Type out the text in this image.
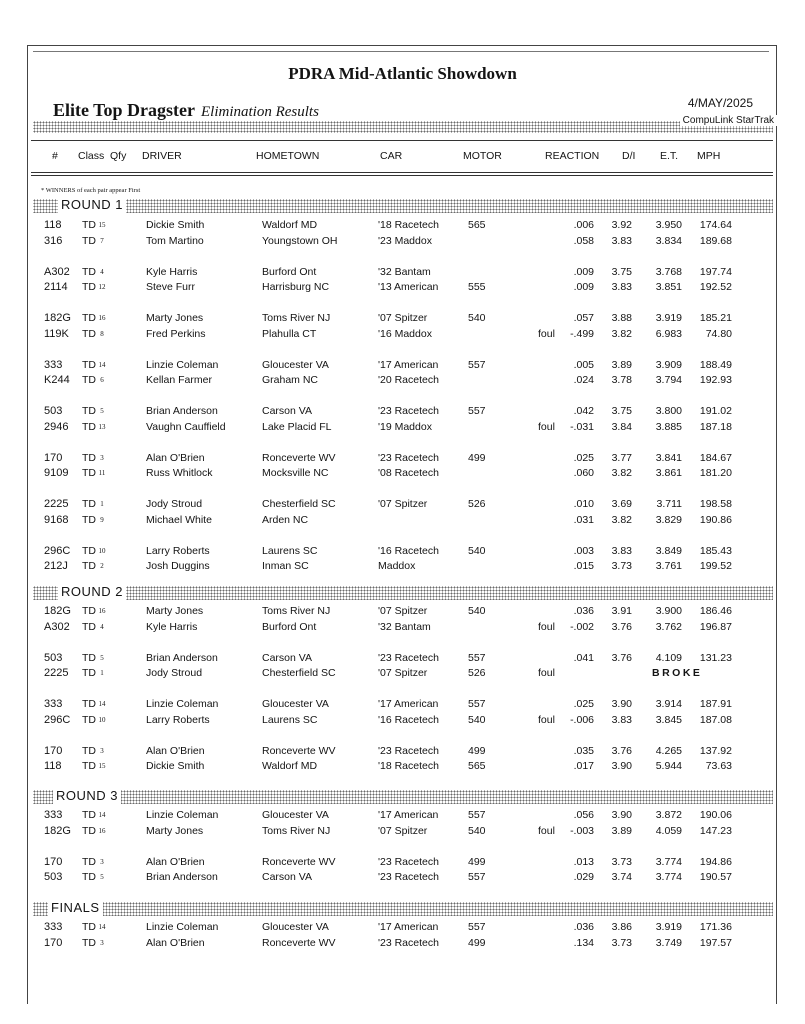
PDRA Mid-Atlantic Showdown
Elite Top Dragster Elimination Results
4/MAY/2025
CompuLink StarTrak
# Class Qfy DRIVER	HOMETOWN	CAR	MOTOR	REACTION D/I E.T. MPH
* WINNERS of each pair appear First
ROUND 1
118	TD 15	Dickie Smith	Waldorf MD	'18 Racetech	565	.006	3.92	3.950	174.64
316	TD 7	Tom Martino	Youngstown OH	'23 Maddox	.058	3.83	3.834	189.68
A302	TD 4	Kyle Harris	Burford Ont	'32 Bantam	.009	3.75	3.768	197.74
2114	TD 12	Steve Furr	Harrisburg NC	'13 American	555	.009	3.83	3.851	192.52
182G	TD 16	Marty Jones	Toms River NJ	'07 Spitzer	540	.057	3.88	3.919	185.21
119K	TD 8	Fred Perkins	Plahulla CT	'16 Maddox	foul	-.499	3.82	6.983	74.80
333	TD 14	Linzie Coleman	Gloucester VA	'17 American	557	.005	3.89	3.909	188.49
K244	TD 6	Kellan Farmer	Graham NC	'20 Racetech	.024	3.78	3.794	192.93
503	TD 5	Brian Anderson	Carson VA	'23 Racetech	557	.042	3.75	3.800	191.02
2946	TD 13	Vaughn Cauffield	Lake Placid FL	'19 Maddox	foul	-.031	3.84	3.885	187.18
170	TD 3	Alan O'Brien	Ronceverte WV	'23 Racetech	499	.025	3.77	3.841	184.67
9109	TD 11	Russ Whitlock	Mocksville NC	'08 Racetech	.060	3.82	3.861	181.20
2225	TD 1	Jody Stroud	Chesterfield SC	'07 Spitzer	526	.010	3.69	3.711	198.58
9168	TD 9	Michael White	Arden NC	.031	3.82	3.829	190.86
296C	TD 10	Larry Roberts	Laurens SC	'16 Racetech	540	.003	3.83	3.849	185.43
212J	TD 2	Josh Duggins	Inman SC	Maddox	.015	3.73	3.761	199.52
ROUND 2
182G	TD 16	Marty Jones	Toms River NJ	'07 Spitzer	540	.036	3.91	3.900	186.46
A302	TD 4	Kyle Harris	Burford Ont	'32 Bantam	foul	-.002	3.76	3.762	196.87
503	TD 5	Brian Anderson	Carson VA	'23 Racetech	557	.041	3.76	4.109	131.23
2225	TD 1	Jody Stroud	Chesterfield SC	'07 Spitzer	526	foul	BROKE
333	TD 14	Linzie Coleman	Gloucester VA	'17 American	557	.025	3.90	3.914	187.91
296C	TD 10	Larry Roberts	Laurens SC	'16 Racetech	540	foul	-.006	3.83	3.845	187.08
170	TD 3	Alan O'Brien	Ronceverte WV	'23 Racetech	499	.035	3.76	4.265	137.92
118	TD 15	Dickie Smith	Waldorf MD	'18 Racetech	565	.017	3.90	5.944	73.63
ROUND 3
333	TD 14	Linzie Coleman	Gloucester VA	'17 American	557	.056	3.90	3.872	190.06
182G	TD 16	Marty Jones	Toms River NJ	'07 Spitzer	540	foul	-.003	3.89	4.059	147.23
170	TD 3	Alan O'Brien	Ronceverte WV	'23 Racetech	499	.013	3.73	3.774	194.86
503	TD 5	Brian Anderson	Carson VA	'23 Racetech	557	.029	3.74	3.774	190.57
FINALS
333	TD 14	Linzie Coleman	Gloucester VA	'17 American	557	.036	3.86	3.919	171.36
170	TD 3	Alan O'Brien	Ronceverte WV	'23 Racetech	499	.134	3.73	3.749	197.57
